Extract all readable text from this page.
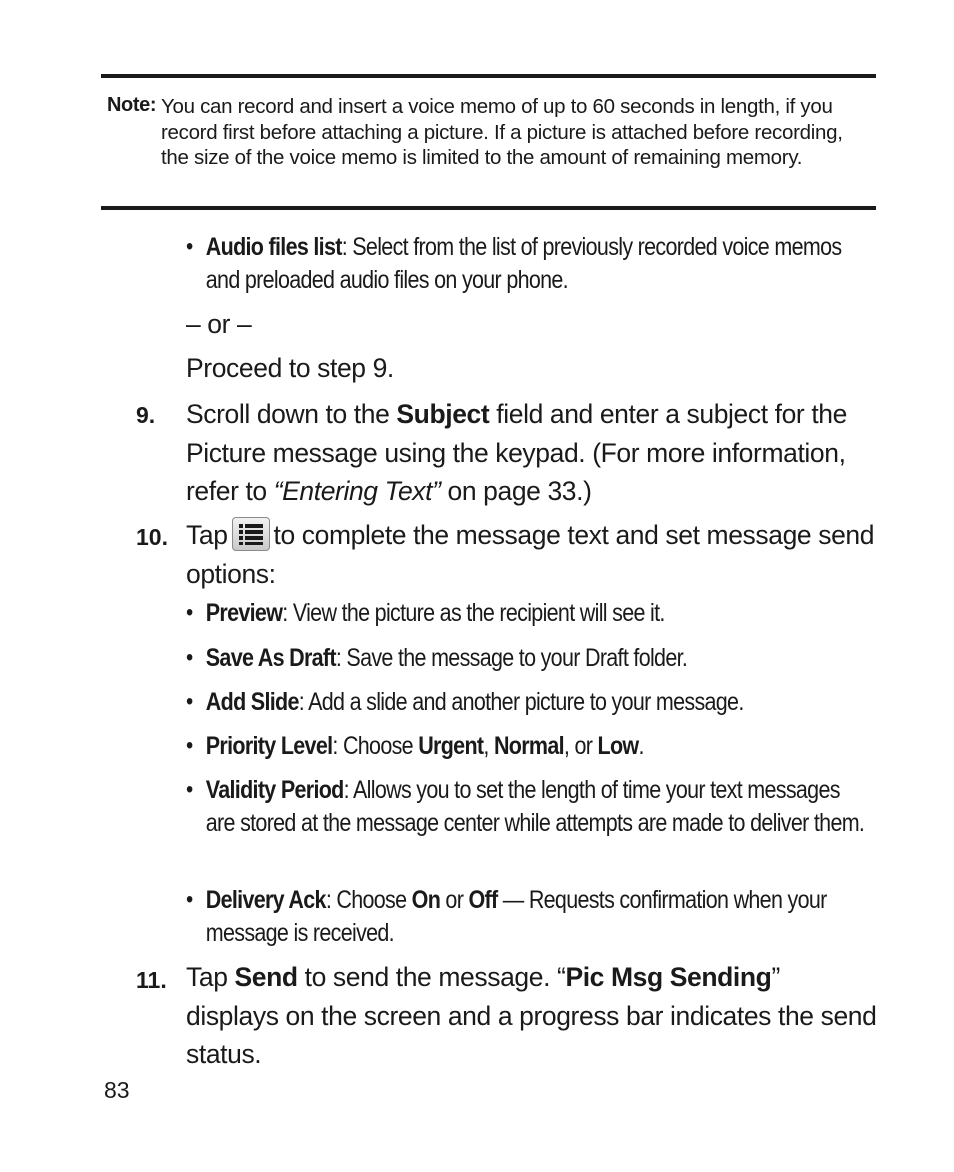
Note: You can record and insert a voice memo of up to 60 seconds in length, if you record first before attaching a picture. If a picture is attached before recording, the size of the voice memo is limited to the amount of remaining memory.
• Audio files list: Select from the list of previously recorded voice memos and preloaded audio files on your phone.
– or –
Proceed to step 9.
9. Scroll down to the Subject field and enter a subject for the Picture message using the keypad. (For more information, refer to “Entering Text” on page 33.)
10. Tap to complete the message text and set message send options:
• Preview: View the picture as the recipient will see it.
• Save As Draft: Save the message to your Draft folder.
• Add Slide: Add a slide and another picture to your message.
• Priority Level: Choose Urgent, Normal, or Low.
• Validity Period: Allows you to set the length of time your text messages are stored at the message center while attempts are made to deliver them.
• Delivery Ack: Choose On or Off — Requests confirmation when your message is received.
11. Tap Send to send the message. “Pic Msg Sending” displays on the screen and a progress bar indicates the send status.
83
